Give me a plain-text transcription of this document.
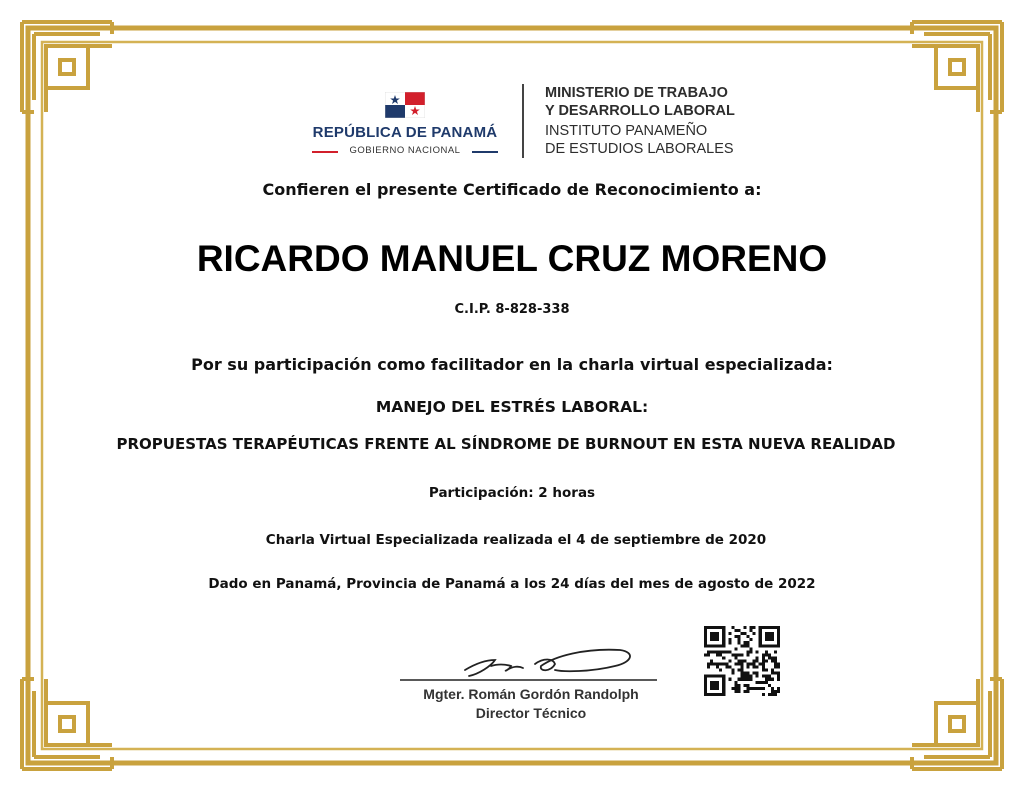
REPÚBLICA DE PANAMÁ
GOBIERNO NACIONAL
MINISTERIO DE TRABAJO
Y DESARROLLO LABORAL
INSTITUTO PANAMEÑO
DE ESTUDIOS LABORALES
Confieren el presente Certificado de Reconocimiento a:
RICARDO MANUEL CRUZ MORENO
C.I.P. 8-828-338
Por su participación como facilitador en la charla virtual especializada:
MANEJO DEL ESTRÉS LABORAL:
PROPUESTAS TERAPÉUTICAS FRENTE AL SÍNDROME DE BURNOUT EN ESTA NUEVA REALIDAD
Participación: 2 horas
Charla Virtual Especializada realizada el 4 de septiembre de 2020
Dado en Panamá, Provincia de Panamá a los 24 días del mes de agosto de 2022
Mgter. Román Gordón Randolph
Director Técnico
